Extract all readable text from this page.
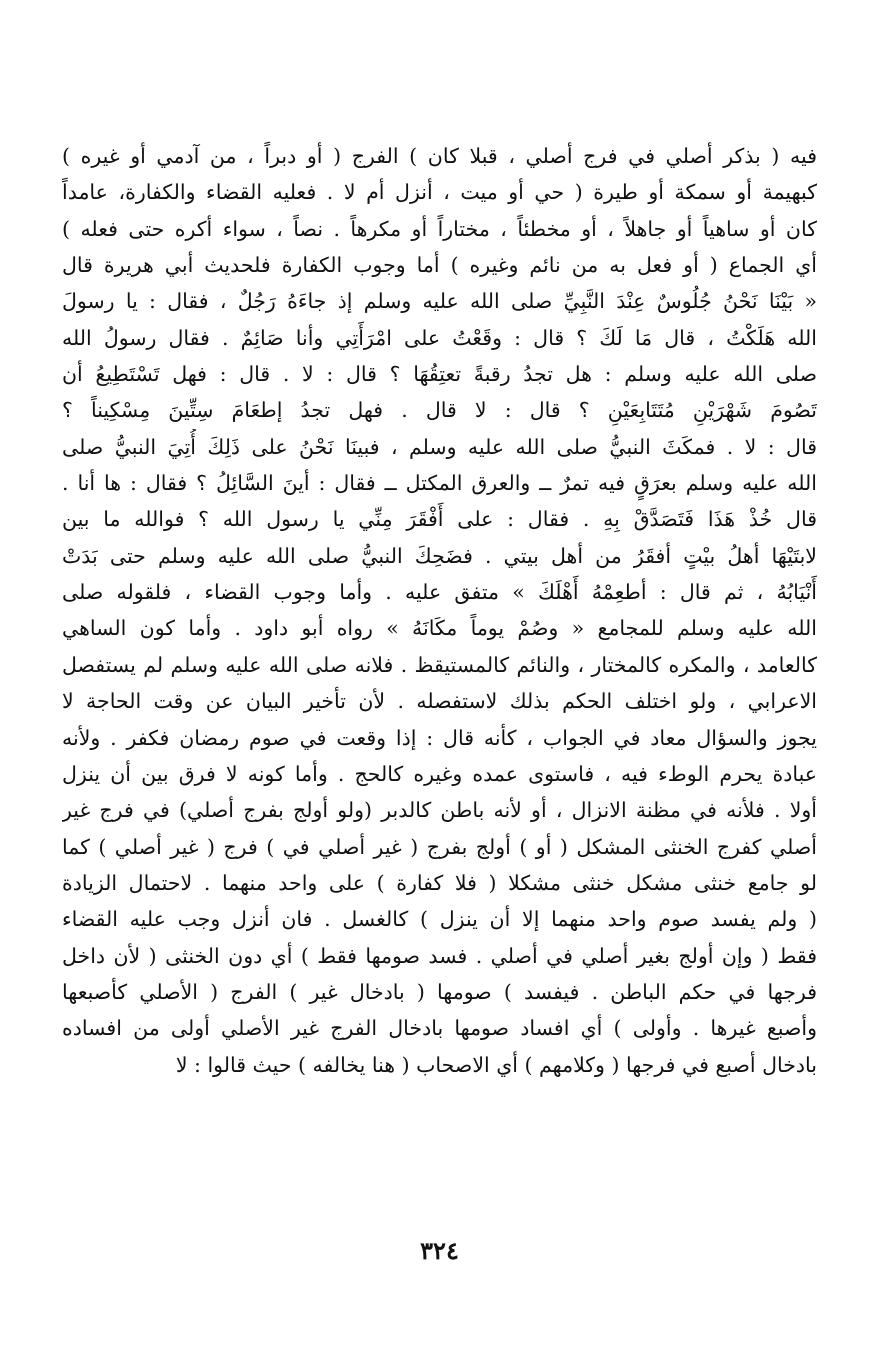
فيه ( بذكر أصلي في فرج أصلي ، قبلا كان ) الفرج ( أو دبراً ، من آدمي أو غيره )
كبهيمة أو سمكة أو طيرة ( حي أو ميت ، أنزل أم لا . فعليه القضاء والكفارة، عامداً
كان أو ساهياً أو جاهلاً ، أو مخطئاً ، مختاراً أو مكرهاً . نصاً ، سواء أكره حتى فعله )
أي الجماع ( أو فعل به من نائم وغيره ) أما وجوب الكفارة فلحديث أبي هريرة قال
« بَيْنَا نَحْنُ جُلُوسٌ عِنْدَ النَّبِيِّ صلى الله عليه وسلم إذ جاءَهُ رَجُلٌ ، فقال : يا رسولَ
الله هَلَكْتُ ، قال مَا لَكَ ؟ قال : وقَعْتُ على امْرَأَتِي وأنا صَائِمٌ . فقال رسولُ الله
صلى الله عليه وسلم : هل تجدُ رقبةً تعتِقُهَا ؟ قال : لا . قال : فهل تَسْتَطِيعُ أن
تَصُومَ شَهْرَيْنِ مُتَتَابِعَيْنِ ؟ قال : لا قال . فهل تجدُ إطعَامَ سِتِّينَ مِسْكِيناً ؟
قال : لا . فمكَثَ النبيُّ صلى الله عليه وسلم ، فبينَا نَحْنُ على ذَلِكَ أُتِيَ النبيُّ صلى
الله عليه وسلم بعرَقٍ فيه تمرٌ ــ والعرق المكتل ــ فقال : أينَ السَّائِلُ ؟ فقال : ها أنا .
قال خُذْ هَذَا فَتَصَدَّقْ بِهِ . فقال : على أَفْقَرَ مِنِّي يا رسول الله ؟ فوالله ما بين
لابتَيْهَا أهلُ بيْتٍ أفقَرُ من أهل بيتي . فضَحِكَ النبيُّ صلى الله عليه وسلم حتى بَدَتْ
أَنْيَابُهُ ، ثم قال : أطعِمْهُ أَهْلَكَ » متفق عليه . وأما وجوب القضاء ، فلقوله صلى
الله عليه وسلم للمجامع « وصُمْ يوماً مكَانَهُ » رواه أبو داود . وأما كون الساهي
كالعامد ، والمكره كالمختار ، والنائم كالمستيقظ . فلانه صلى الله عليه وسلم لم يستفصل
الاعرابي ، ولو اختلف الحكم بذلك لاستفصله . لأن تأخير البيان عن وقت الحاجة لا
يجوز والسؤال معاد في الجواب ، كأنه قال : إذا وقعت في صوم رمضان فكفر . ولأنه
عبادة يحرم الوطء فيه ، فاستوى عمده وغيره كالحج . وأما كونه لا فرق بين أن ينزل
أولا . فلأنه في مظنة الانزال ، أو لأنه باطن كالدبر (ولو أولج بفرج أصلي) في فرج غير
أصلي كفرج الخنثى المشكل ( أو ) أولج بفرج ( غير أصلي في ) فرج ( غير أصلي ) كما
لو جامع خنثى مشكل خنثى مشكلا ( فلا كفارة ) على واحد منهما . لاحتمال الزيادة
( ولم يفسد صوم واحد منهما إلا أن ينزل ) كالغسل . فان أنزل وجب عليه القضاء
فقط ( وإن أولج بغير أصلي في أصلي . فسد صومها فقط ) أي دون الخنثى ( لأن داخل
فرجها في حكم الباطن . فيفسد ) صومها ( بادخال غير ) الفرج ( الأصلي كأصبعها
وأصبع غيرها . وأولى ) أي افساد صومها بادخال الفرج غير الأصلي أولى من افساده
بادخال أصبع في فرجها ( وكلامهم ) أي الاصحاب ( هنا يخالفه ) حيث قالوا : لا
٣٢٤
